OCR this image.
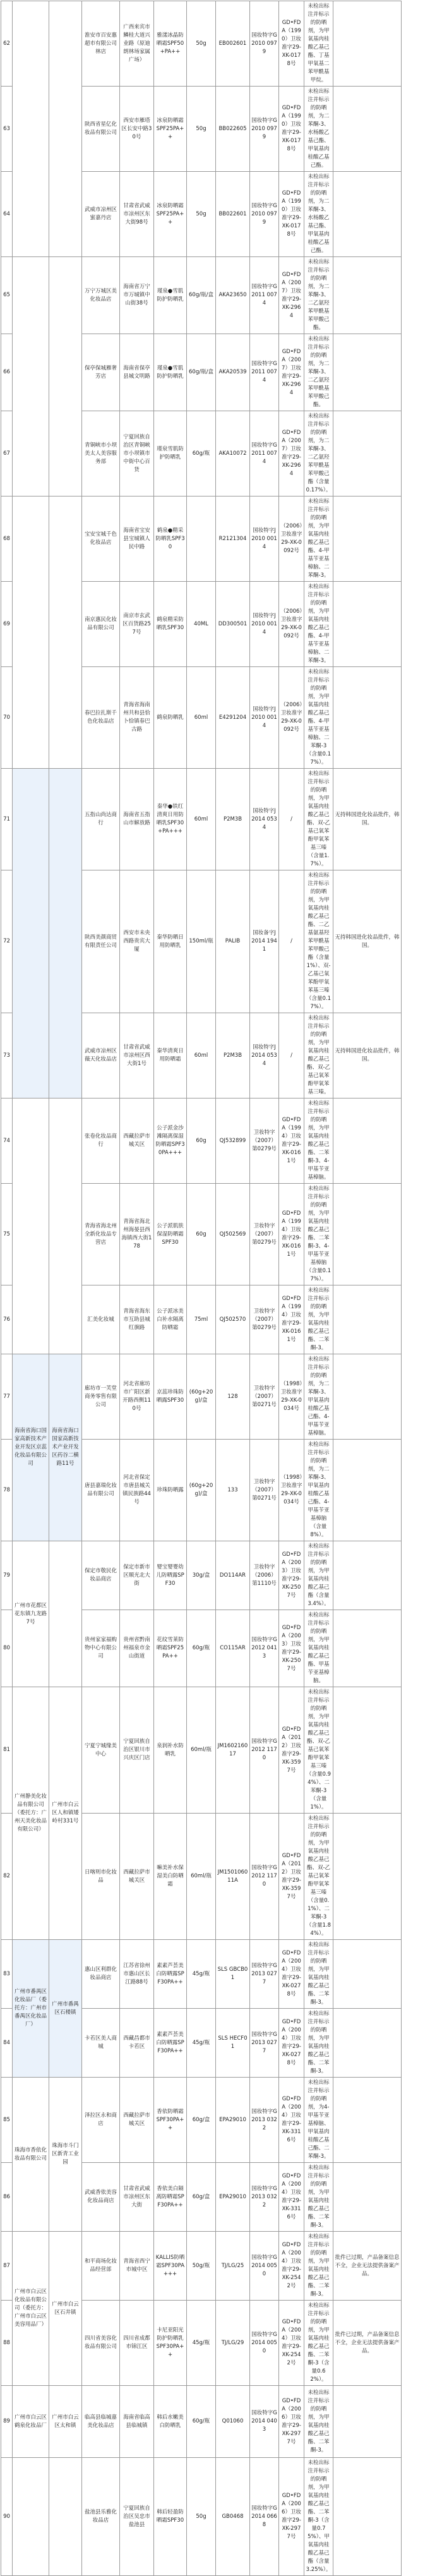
62			淮安市百安惠超市有限公司林店	广西来宾市鳞桂大道兴业路（原迪朗林场家属广场）	雅漾冰晶防晒霜SPF50+PA++	50g	EB002601	国妆特字G2010 0979	GD•FDA（1990）卫妆准字29-XK-0178号	未检出标注并标示的防晒剂，为甲氧基肉桂酸乙基己酯、丁基甲氧基二苯甲酰基甲烷。	
63			陕西省星亿化妆品有限公司	西安市雁塔区长安中路30号	冰泉防晒霜SPF25PA++	50g	BB022605	国妆特字G2010 0979	GD•FDA（1990）卫妆准字29-XK-0178号	未检出标注并标示的防晒剂，为二苯酮-3、水杨酸乙基己酯、甲氧基肉桂酸乙基己酯。	
64			武威市凉州区蜜嘉丹店	甘肃省武威市凉州区东大街98号	冰泉防晒霜SPF25PA++	50g	BB022601	国妆特字G2010 0979	GD•FDA（1990）卫妆准字29-XK-0178号	未检出标注并标示的防晒剂，为二苯酮-3、水杨酸乙基己酯、甲氧基肉桂酸乙基己酯。	
65			万宁万城区美化妆品店	海南省万宁市万城镇中山街38号	瑾泉●雪肌防护防晒乳	60g/瓶/盒	AKA23650	国妆特字G2011 0074	GD•FDA（2007）卫妆准字29-XK-2964	未检出标注并标示的防晒剂，为二苯酮-3、二乙氨羟苯甲酰基苯甲酸己酯。	
66			保亭保城雁奢芳店	海南省保亭县城文明路	瑾泉●雪肌防护防晒乳	60g/瓶/盒	AKA20539	国妆特字G2011 0074	GD•FDA（2007）卫妆准字29-XK-2964	未检出标注并标示的防晒剂，为二苯酮-3、二乙氨羟苯甲酰基苯甲酸己酯。	
67			青铜峡市小坝美太人美容服务部	宁夏回族自治区青铜峡市小坝镇市中街中心百货	瑾泉雪肌防护防晒乳	60g/瓶	AKA10072	国妆特字G2011 0074	GD•FDA（2007）卫妆准字29-XK-2964	未检出标注并标示的防晒剂，为二苯酮-3、二乙氨羟苯甲酰基苯甲酸己酯（含量0.17%）。	
68			宝安宝城千色化妆品店	海南省宝安县宝城镇人民中路	鹤泉●精采防晒乳SPF30		R2121304	国妆特字J2010 0014	（2006）卫妆准字29-XK-0092号	未检出标注并标示的防晒剂，为甲氧基肉桂酸乙基己酯、4-甲基苄亚基樟脑、二苯酮-3。	
69			南京惠民化妆品有限公司	南京市玄武区百货路257号	鹤泉精采防晒乳SPF30	40ML	DD300501	国妆特字J2010 0014	（2006）卫妆准字29-XK-0092号	未检出标注并标示的防晒剂，为甲氧基肉桂酸乙基己酯、4-甲基苄亚基樟脑、二苯酮-3。	
70			春巴拉扎斯千色化妆品店	青海省海南州共和县恰卜恰镇春巴古路	鹤泉防晒乳	60ml	E4291204	国妆特字J2010 0014	（2006）卫妆准字29-XK-0092号	未检出标注并标示的防晒剂，为甲氧基肉桂酸乙基己酯、4-甲基苄亚基樟脑、二苯酮-3（含量0.17%）。	
71			五指山尚达商行	海南省五指山市解放路	秦华●铁红清爽日用防晒乳SPF30+PA+++	60ml	P2M3B	国妆特字J2014 0534	/	未检出标注并标示的防晒剂，为甲氧基肉桂酸乙基己酯、双-乙基己氧苯酚甲氧苯基三嗪（含量1.7%）。	无持韩国进化妆品批件，韩国。
72			陕西美颜商贸有限责任公司	西安市未央西路贵宾大厦	秦华防晒日用防晒乳	150ml/瓶	PALIB	国妆备字J2014 1941	/	未检出标注并标示的防晒剂，为甲氧基肉桂酸乙基己酯、二乙基氨基羟苯甲酰基苯甲酸己酯（含量1%）、双-乙基己氧苯酚甲氧苯基三嗪（含量0.17%）。	无持韩国进化妆品批件，韩国。
73			武威市凉州区薇天化妆品店	甘肃省武威市凉州区西大街1号	秦华清爽日用防晒霜	60ml	P2M3B	国妆特字J2014 0534	/	未检出标注并标示的防晒剂，为甲氧基肉桂酸乙基己酯、双-乙基己氧苯酚甲氧苯基三嗪。	无持韩国进化妆品批件，韩国。
74			张卷化妆品商行	西藏拉萨市城关区	公子派金沙滩隔离保湿防晒霜SPF30PA+++	60g	QJ532899	卫妆特字（2007）第0279号	GD•FDA（1994）卫妆准字29-XK-0161号	未检出标注并标示的防晒剂，为甲氧基肉桂酸乙基己酯、二苯酮-3、4-甲基苄亚基樟脑。	
75			青海省海北州全新化妆品专营店	青海省海北州海晏县西海镇西大街178	公子派肌肤保湿防晒霜SPF30	60g	QJ502569	卫妆特字（2007）第0279号	GD•FDA（1994）卫妆准字29-XK-0161号	未检出标注并标示的防晒剂，为甲氧基肉桂酸乙基己酯、二苯酮-3、4-甲基苄亚基樟脑（含量0.17%）。	
76			汇美化妆城	青海省海东市互助县城红旗路	公子派冰美白补水隔离防晒霜	75ml	QJ502570	卫妆特字（2007）第0279号	GD•FDA（1994）卫妆准字29-XK-0161号	未检出标注并标示的防晒剂，为甲氧基肉桂酸乙基己酯、二苯酮-3。	
77	海南省海口国家高新技术产业开发区京蕊化妆品有限公司	海南省海口国家高新技术产业开发区药谷二横路11号	廊坊市一芙堂商务零售有限公司	河北省廊坊市广阳区新开路西侧110号	京蕊珍珠防晒露SPF30	(60g+20g)/盒	128	卫妆特字（2007）第0271号	（1998）卫妆准字29-XK-0034号	未检出标注并标示的防晒剂，为二苯酮-3、甲氧基肉桂酸乙基己酯、4-甲基苄亚基樟脑。	
78			唐县嘉瑞化妆品有限公司	河北省保定市唐县城关镇民族路44号	珍珠防晒露	(60g+20g)/盒	133	卫妆特字（2007）第0271号	（1998）卫妆准字29-XK-0034号	未检出标注并标示的防晒剂，为二苯酮-3、甲氧基肉桂酸乙基己酯、4-甲基苄亚基樟脑（含量8%）。	
79	广州市花都区花东镇九龙路7号		保定市敬民化妆品商店	保定市新市区顺光北大街	婴宝婴婴幼儿防晒露SPF30	30g/盒	DO114AR	卫妆特字（2006）第1110号	GD•FDA（2003）卫妆准字29-XK-2507号	未检出标注并标示的防晒剂，为甲氧基肉桂酸乙基己酯（含量3.4%）。	
80			贵州家家福购物中心有限公司	贵州省黔南州福泉市金山街道	花纹雪莱防晒霜SPF25PA++	60g/瓶	CO115AR	国妆特字G2012 0413	GD•FDA（2003）卫妆准字29-XK-2507号	未检出标注并标示的防晒剂，为甲氧基肉桂酸乙基己酯、甲基苄亚基樟脑。	
81	广州静美化妆品有限公司（委托方：广州天美化妆品有限公司）	广州市白云区人和镇矮岭村331号	宁夏宁城缘美中心	宁夏回族自治区银川市兴庆区门店	泉润补水防晒乳	60ml/瓶	JM160216017	国妆特字G2012 1170	GD•FDA（2012）卫妆准字29-XK-3597号	未检出标注并标示的防晒剂，为甲氧基肉桂酸乙基己酯、双-乙基己氧苯酚甲氧苯基三嗪（含量0.94%）、二苯酮-3（含量1%）。	
82			日喀则市化妆品	西藏拉萨市城关区	嘛美补水保湿美白防晒霜	60ml/瓶	JM150106011A	国妆特字G2012 1170	GD•FDA（2012）卫妆准字29-XK-3597号	未检出标注并标示的防晒剂，为甲氧基肉桂酸乙基己酯、双-乙基己氧苯酚甲氧苯基三嗪（含量0.1%）、二苯酮-3（含量1.84%）。	
83	广州市番禺区化妆品厂（委托方：广州市番禺区化妆品厂）	广州市番禺区石楼镇	惠山区利群化妆品商店	江苏省徐州市惠山区长江路88号	素素芦荟美白防晒露SPF30PA++	45g/瓶	SLS GBCB01	国妆特字G2013 0277	GD•FDA（2004）卫妆准字29-XK-0278号	未检出标注并标示的防晒剂，为甲氧基肉桂酸乙基己酯、二苯酮-3。	
84			卡若区美人商城	西藏昌都市卡若区	素素芦荟美白防晒露SPF30PA++	45g/瓶	SLS HECF01	国妆特字G2013 0277	GD•FDA（2004）卫妆准字29-XK-0278号	未检出标注并标示的防晒剂，为甲氧基肉桂酸乙基己酯、二苯酮-3。	
85	珠海市香依化妆品有限公司	珠海市斗门区新青工业园	泽拉区永和商店	西藏拉萨市城关区	香依防晒霜SPF30PA++	60g/盒	EPA29010	国妆特字G2013 0322	GD•FDA（2004）卫妆准字29-XK-3316号	未检出标注并标示的防晒剂，为4-甲基苄亚基樟脑、甲氧基肉桂酸乙基己酯、二苯酮-3。	
86			武威香依美容化妆品商店	甘肃省武威市凉州区东大街	香依美白隔离防晒霜SPF30PA++	60g/盒	EPA29010	国妆特字G2013 0322	GD•FDA（2004）卫妆准字29-XK-3316号	未检出标注并标示的防晒剂，为甲氧基肉桂酸乙基己酯、二苯酮-3。	
87	广州市白云区化妆品有限公司（委托方：广州市白云区美容用品厂）	广州市白云区石井镇	和平商场化妆品经营部	青海省西宁市城中区	KALLIS防晒霜SPF30PA+++	50g/瓶	TJ/LG/25	国妆特字G2014 0050	GD•FDA（2004）卫妆准字29-XK-2542号	未检出标注并标示的防晒剂，为甲氧基肉桂酸乙基己酯、二苯酮-3。	批件已过期，产品备案信息不全，企业无法提供备案产品。
88			四川省美容化妆品有限公司	四川省成都市锦江区	卡尼亚阳光防护防晒乳SPF30PA++	45g/瓶	TJ/LG/29	国妆特字G2014 0050	GD•FDA（2004）卫妆准字29-XK-2542号	未检出标注并标示的防晒剂，为甲氧基肉桂酸乙基己酯、二苯酮-3（含量0.62%）。	批件已过期，产品备案信息不全，企业无法提供备案产品。
89	广州市白云区鹤泉化妆品厂	广州市白云区太和镇	临高县临城嘉美化妆品店	海南省临高县临城镇	韩后水嫩美白防晒乳	60g/瓶	Q01060	国妆特字G2014 0403	GD•FDA（2006）卫妆准字29-XK-2977号	未检出标注并标示的防晒剂，为甲氧基肉桂酸乙基己酯、二苯酮-3。	
90			盐池县乐雅化妆品店	宁夏回族自治区吴忠市盐池县	韩后轻盈防晒霜SPF30	50g	GB0468	国妆特字G2014 0668	GD•FDA（2006）卫妆准字29-XK-2977号	未检出标注并标示的防晒剂，为甲氧基肉桂酸乙基己酯、二苯酮-3（含量0.75%）、甲氧基肉桂酸乙基己酯（含量3.25%）。	
